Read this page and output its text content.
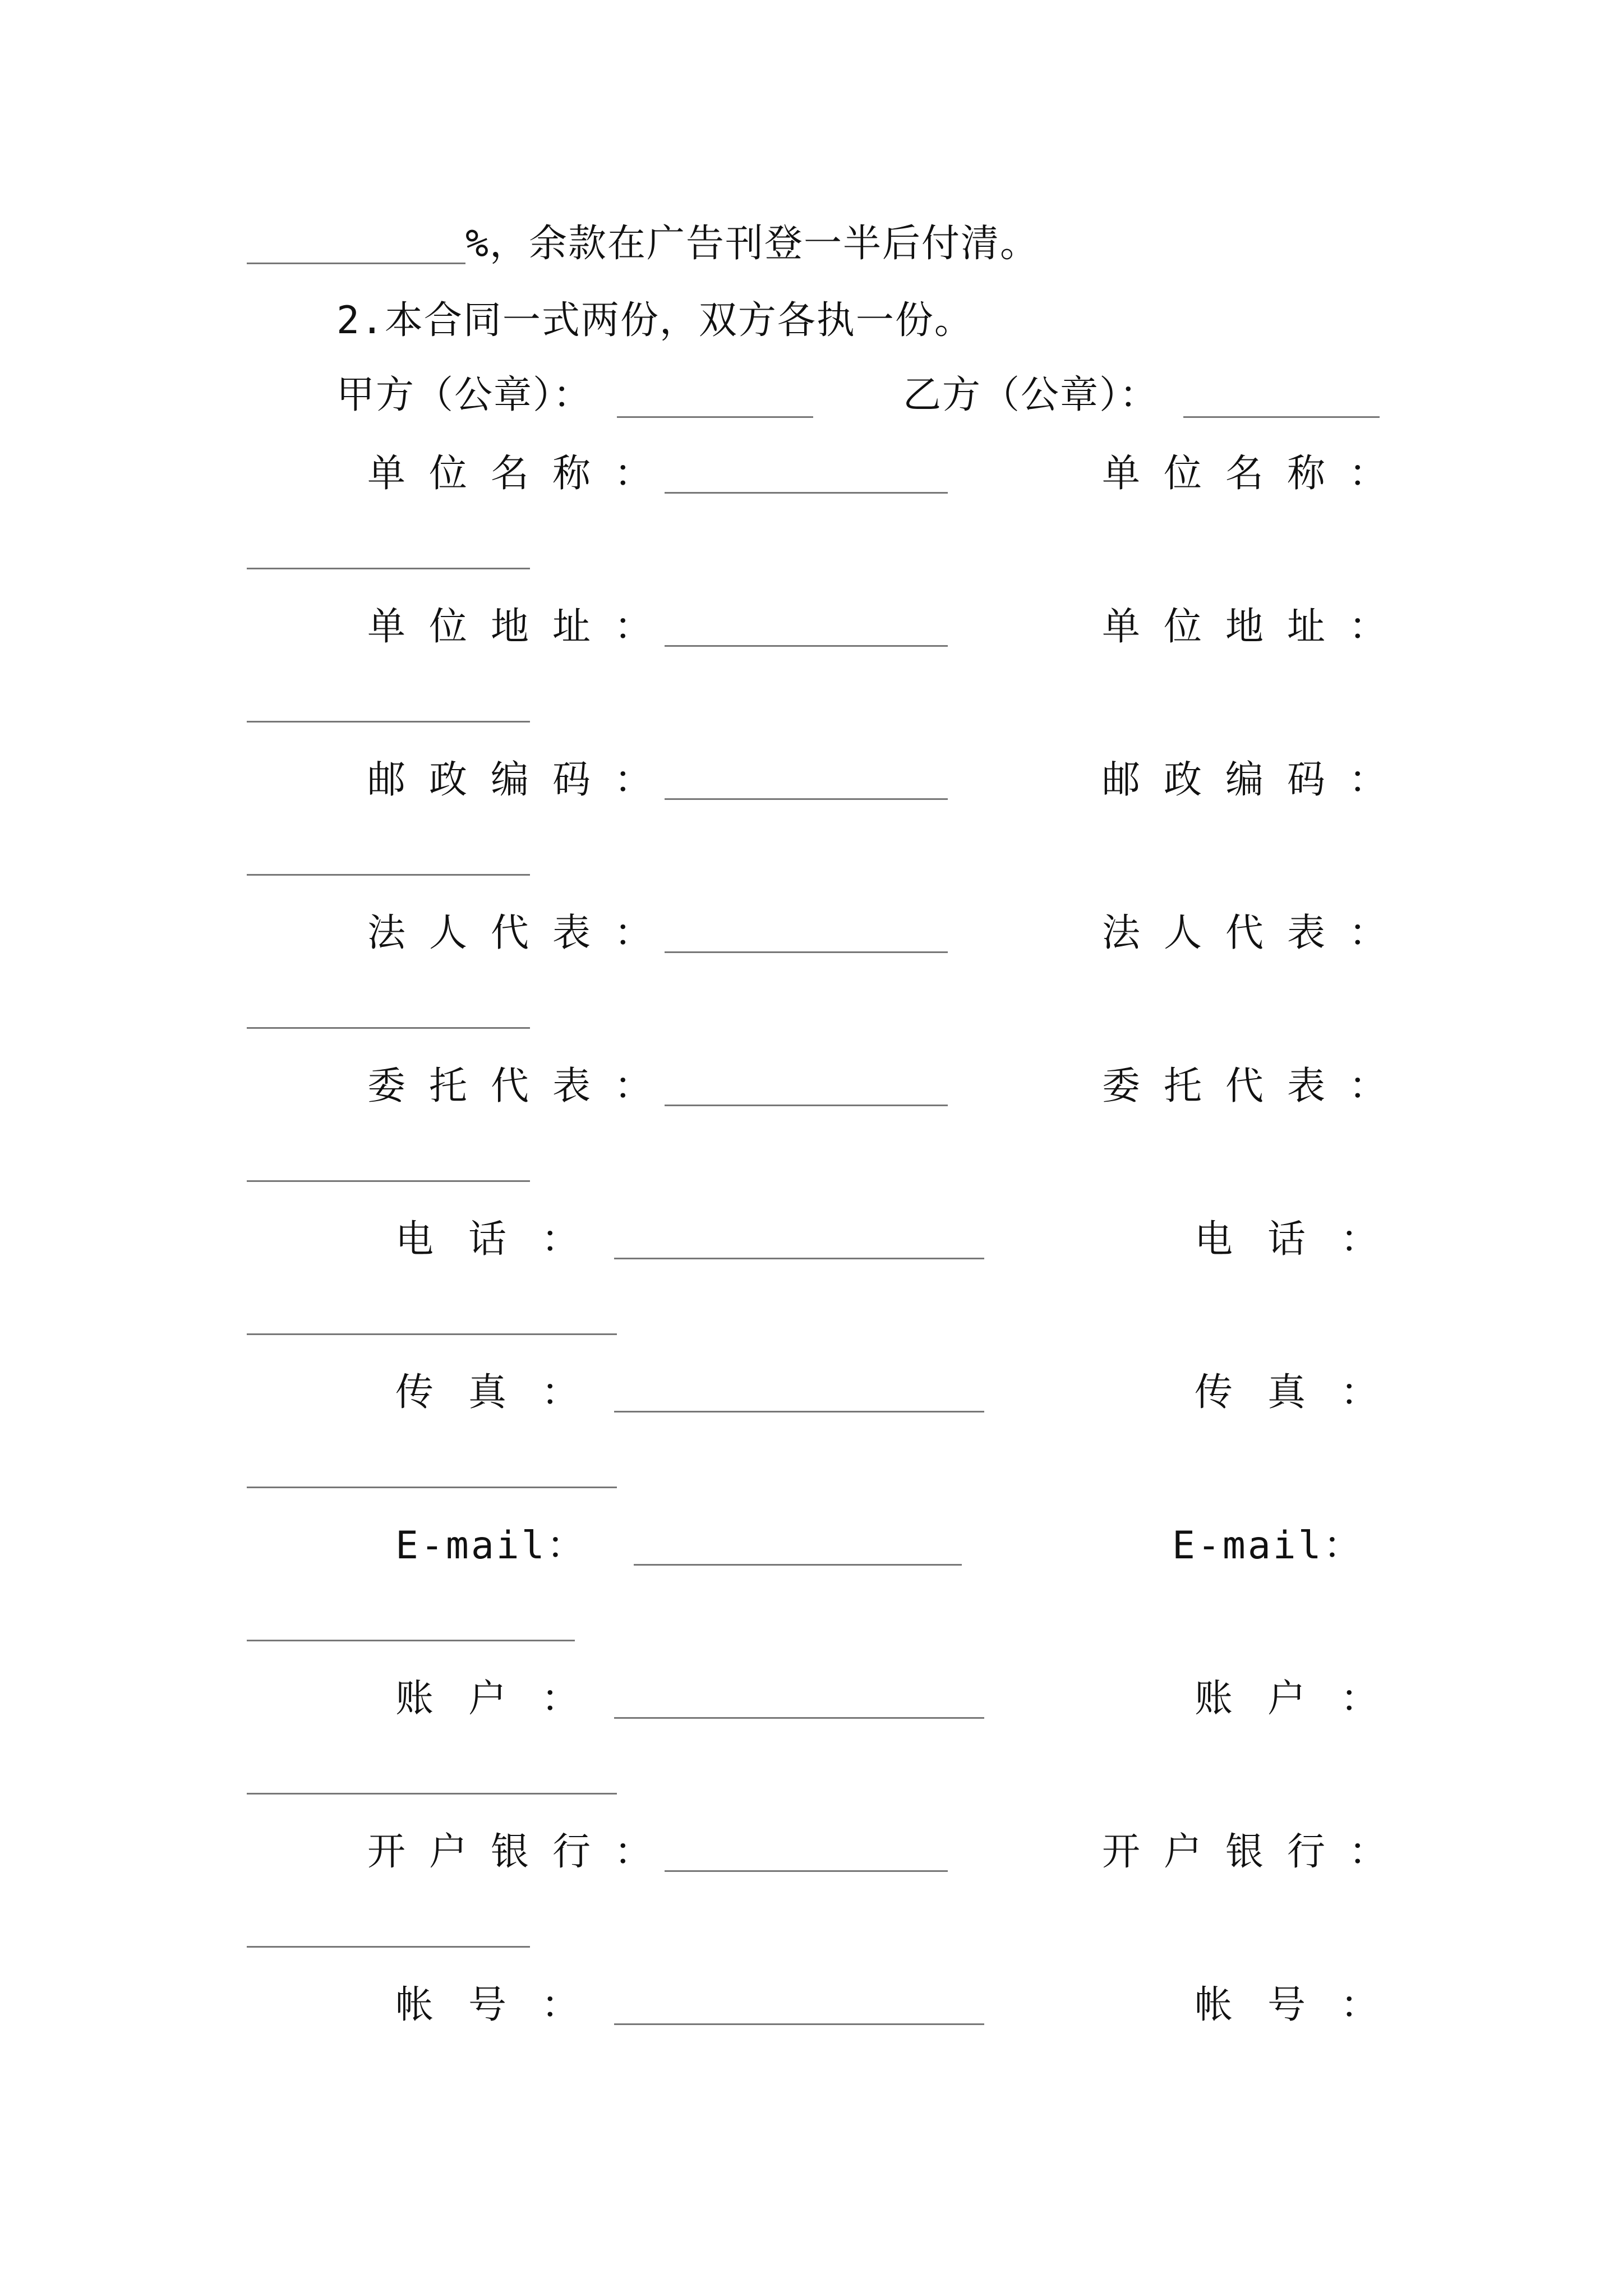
%，余款在广告刊登一半后付清。
2.本合同一式两份，双方各执一份。
甲方（公章）：	乙方（公章）：
单位名称：	单位名称：
单位地址：	单位地址：
邮政编码：	邮政编码：
法人代表：	法人代表：
委托代表：	委托代表：
电话：	电话：
传真：	传真：
E-mail：	E-mail：
账户：	账户：
开户银行：	开户银行：
帐号：	帐号：
